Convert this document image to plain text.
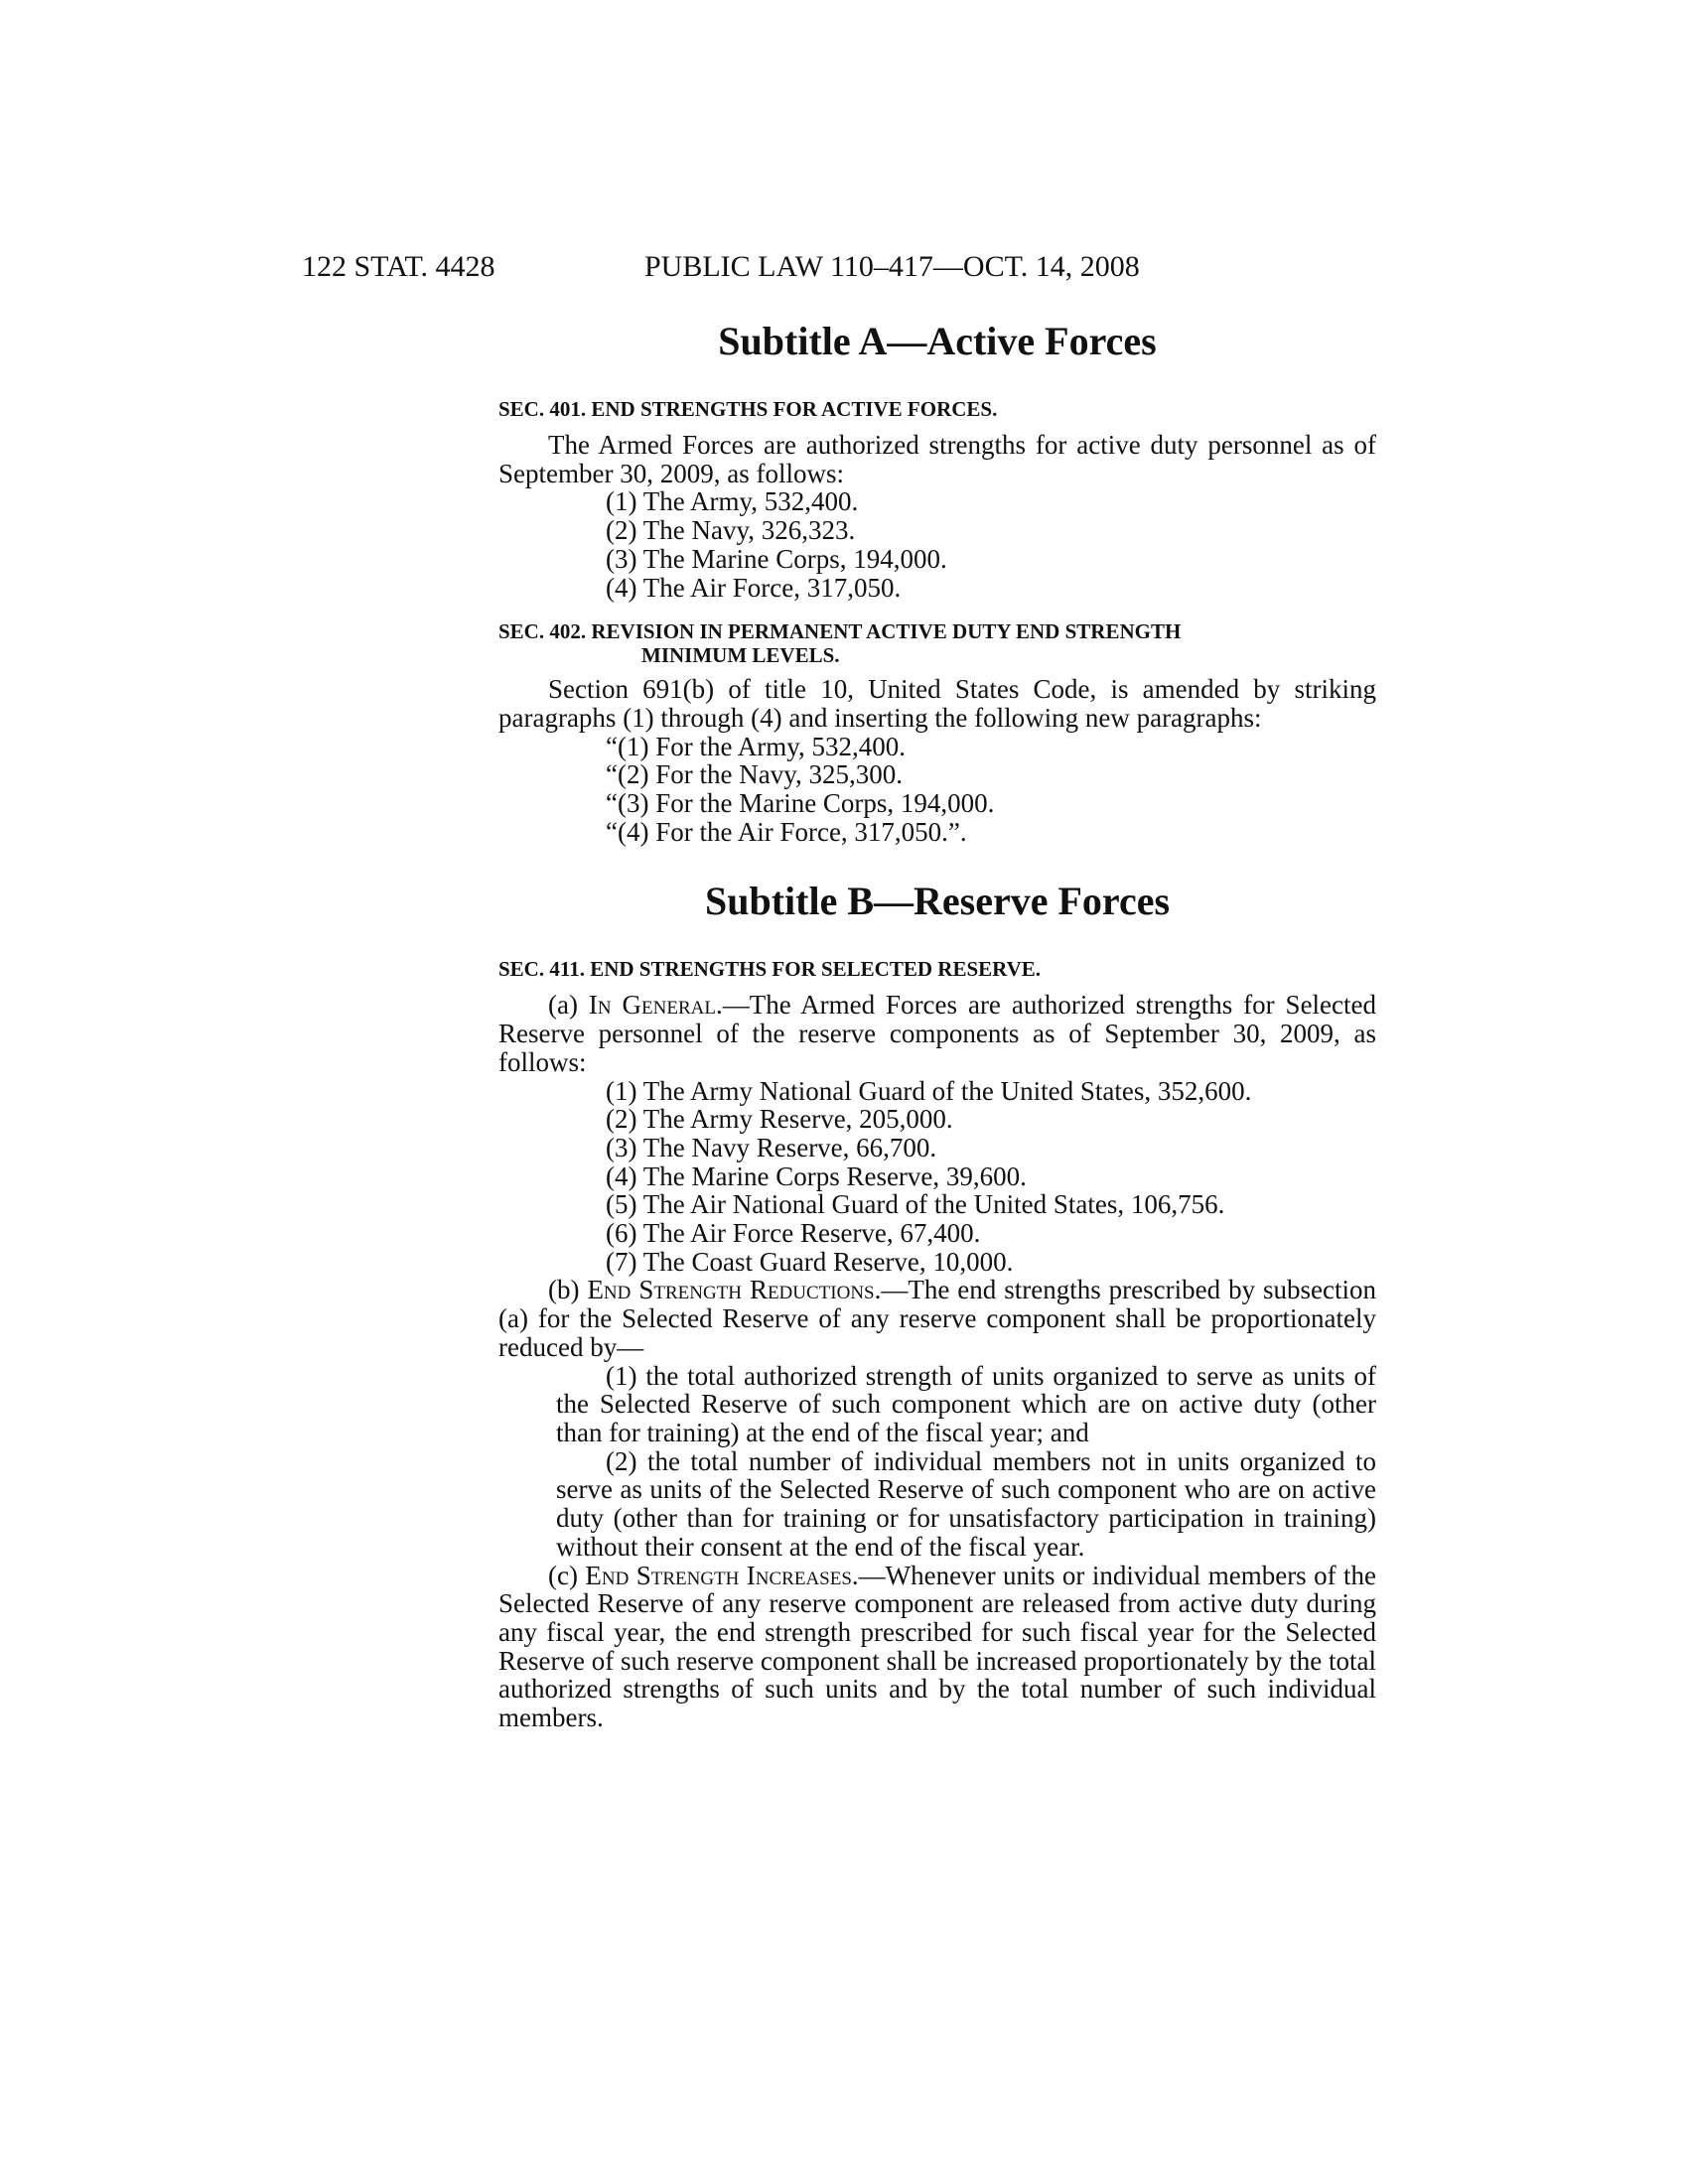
122 STAT. 4428	PUBLIC LAW 110–417—OCT. 14, 2008
Subtitle A—Active Forces

SEC. 401. END STRENGTHS FOR ACTIVE FORCES.

The Armed Forces are authorized strengths for active duty personnel as of September 30, 2009, as follows:

(1) The Army, 532,400.

(2) The Navy, 326,323.

(3) The Marine Corps, 194,000.

(4) The Air Force, 317,050.

SEC. 402. REVISION IN PERMANENT ACTIVE DUTY END STRENGTH
MINIMUM LEVELS.

Section 691(b) of title 10, United States Code, is amended by striking paragraphs (1) through (4) and inserting the following new paragraphs:

“(1) For the Army, 532,400.

“(2) For the Navy, 325,300.

“(3) For the Marine Corps, 194,000.

“(4) For the Air Force, 317,050.”.

Subtitle B—Reserve Forces

SEC. 411. END STRENGTHS FOR SELECTED RESERVE.

(a) In General.—The Armed Forces are authorized strengths for Selected Reserve personnel of the reserve components as of September 30, 2009, as follows:

(1) The Army National Guard of the United States, 352,600.

(2) The Army Reserve, 205,000.

(3) The Navy Reserve, 66,700.

(4) The Marine Corps Reserve, 39,600.

(5) The Air National Guard of the United States, 106,756.

(6) The Air Force Reserve, 67,400.

(7) The Coast Guard Reserve, 10,000.

(b) End Strength Reductions.—The end strengths prescribed by subsection (a) for the Selected Reserve of any reserve component shall be proportionately reduced by—

(1) the total authorized strength of units organized to serve as units of the Selected Reserve of such component which are on active duty (other than for training) at the end of the fiscal year; and

(2) the total number of individual members not in units organized to serve as units of the Selected Reserve of such component who are on active duty (other than for training or for unsatisfactory participation in training) without their consent at the end of the fiscal year.

(c) End Strength Increases.—Whenever units or individual members of the Selected Reserve of any reserve component are released from active duty during any fiscal year, the end strength prescribed for such fiscal year for the Selected Reserve of such reserve component shall be increased proportionately by the total authorized strengths of such units and by the total number of such individual members.
